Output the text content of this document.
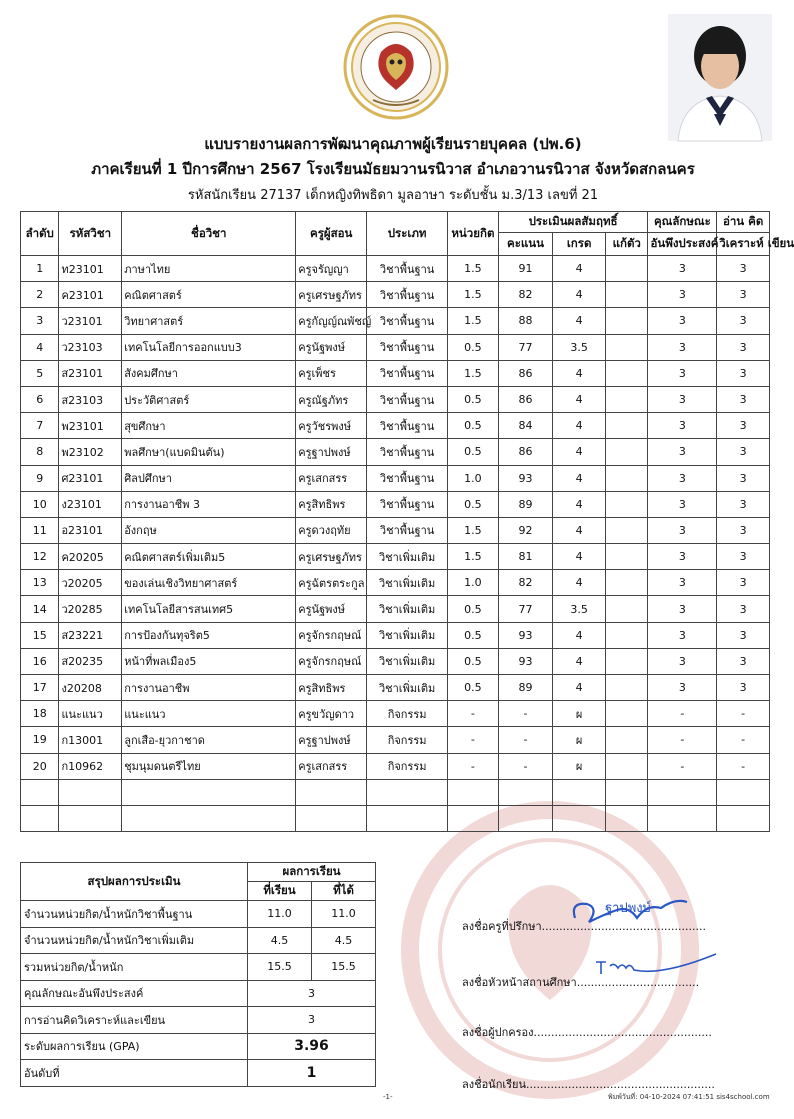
แบบรายงานผลการพัฒนาคุณภาพผู้เรียนรายบุคคล (ปพ.6)
ภาคเรียนที่ 1 ปีการศึกษา 2567 โรงเรียนมัธยมวานรนิวาส อำเภอวานรนิวาส จังหวัดสกลนคร
รหัสนักเรียน 27137 เด็กหญิงทิพธิดา มูลอาษา ระดับชั้น ม.3/13 เลขที่ 21
ลำดับ	รหัสวิชา	ชื่อวิชา	ครูผู้สอน	ประเภท	หน่วยกิต	ประเมินผลสัมฤทธิ์			คุณลักษณะ	อ่าน คิด
						คะแนน	เกรด	แก้ตัว	อันพึงประสงค์	วิเคราะห์ เขียน
1	ท23101	ภาษาไทย	ครูจรัญญา	วิชาพื้นฐาน	1.5	91	4		3	3
2	ค23101	คณิตศาสตร์	ครูเศรษฐภัทร	วิชาพื้นฐาน	1.5	82	4		3	3
3	ว23101	วิทยาศาสตร์	ครูกัญญ์ณพัชญ์	วิชาพื้นฐาน	1.5	88	4		3	3
4	ว23103	เทคโนโลยีการออกแบบ3	ครูนัฐพงษ์	วิชาพื้นฐาน	0.5	77	3.5		3	3
5	ส23101	สังคมศึกษา	ครูเพ็ชร	วิชาพื้นฐาน	1.5	86	4		3	3
6	ส23103	ประวัติศาสตร์	ครูณัฐภัทร	วิชาพื้นฐาน	0.5	86	4		3	3
7	พ23101	สุขศึกษา	ครูวัชรพงษ์	วิชาพื้นฐาน	0.5	84	4		3	3
8	พ23102	พลศึกษา(แบดมินตัน)	ครูฐาปพงษ์	วิชาพื้นฐาน	0.5	86	4		3	3
9	ศ23101	ศิลปศึกษา	ครูเสกสรร	วิชาพื้นฐาน	1.0	93	4		3	3
10	ง23101	การงานอาชีพ 3	ครูสิทธิพร	วิชาพื้นฐาน	0.5	89	4		3	3
11	อ23101	อังกฤษ	ครูดวงฤทัย	วิชาพื้นฐาน	1.5	92	4		3	3
12	ค20205	คณิตศาสตร์เพิ่มเติม5	ครูเศรษฐภัทร	วิชาเพิ่มเติม	1.5	81	4		3	3
13	ว20205	ของเล่นเชิงวิทยาศาสตร์	ครูฉัตรตระกูล	วิชาเพิ่มเติม	1.0	82	4		3	3
14	ว20285	เทคโนโลยีสารสนเทศ5	ครูนัฐพงษ์	วิชาเพิ่มเติม	0.5	77	3.5		3	3
15	ส23221	การป้องกันทุจริต5	ครูจักรกฤษณ์	วิชาเพิ่มเติม	0.5	93	4		3	3
16	ส20235	หน้าที่พลเมือง5	ครูจักรกฤษณ์	วิชาเพิ่มเติม	0.5	93	4		3	3
17	ง20208	การงานอาชีพ	ครูสิทธิพร	วิชาเพิ่มเติม	0.5	89	4		3	3
18	แนะแนว	แนะแนว	ครูขวัญดาว	กิจกรรม	-	-	ผ		-	-
19	ก13001	ลูกเสือ-ยุวกาชาด	ครูฐาปพงษ์	กิจกรรม	-	-	ผ		-	-
20	ก10962	ชุมนุมดนตรีไทย	ครูเสกสรร	กิจกรรม	-	-	ผ		-	-

สรุปผลการประเมิน	ผลการเรียน	
	ที่เรียน	ที่ได้
จำนวนหน่วยกิต/น้ำหนักวิชาพื้นฐาน	11.0	11.0
จำนวนหน่วยกิต/น้ำหนักวิชาเพิ่มเติม	4.5	4.5
รวมหน่วยกิต/น้ำหนัก	15.5	15.5
คุณลักษณะอันพึงประสงค์	3	
การอ่านคิดวิเคราะห์และเขียน	3	
ระดับผลการเรียน (GPA)	3.96	
อันดับที่	1	
ฐาปพงษ์
ลงชื่อครูที่ปรึกษา...............................................
ลงชื่อหัวหน้าสถานศึกษา...................................
ลงชื่อผู้ปกครอง...................................................
ลงชื่อนักเรียน......................................................
-1-	พิมพ์วันที่: 04-10-2024 07:41:51 sis4school.com
